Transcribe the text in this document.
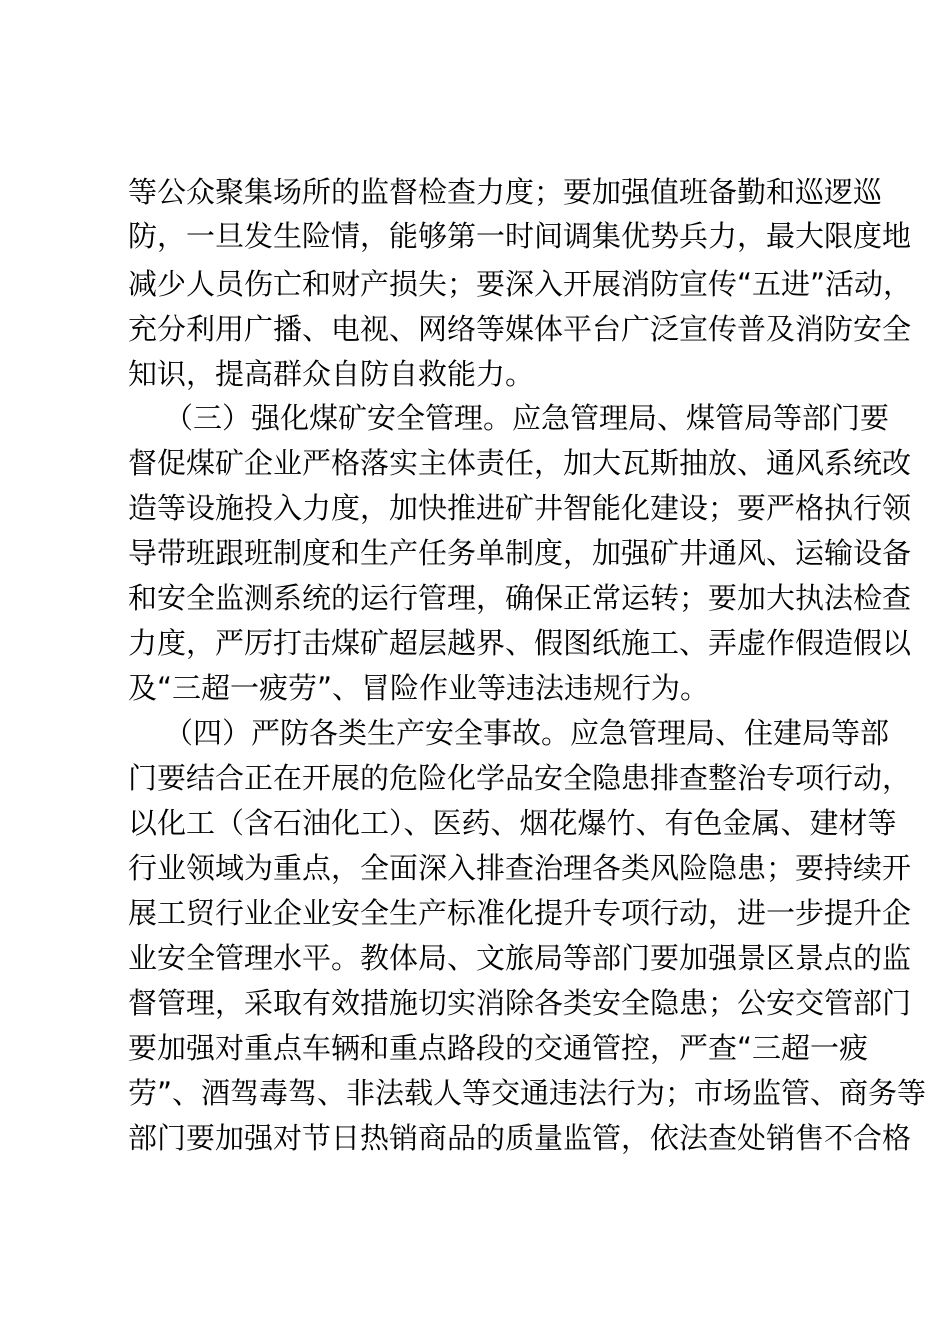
等公众聚集场所的监督检查力度；要加强值班备勤和巡逻巡
防，一旦发生险情，能够第一时间调集优势兵力，最大限度地
减少人员伤亡和财产损失；要深入开展消防宣传“五进”活动，
充分利用广播、电视、网络等媒体平台广泛宣传普及消防安全
知识，提高群众自防自救能力。
（三）强化煤矿安全管理。应急管理局、煤管局等部门要
督促煤矿企业严格落实主体责任，加大瓦斯抽放、通风系统改
造等设施投入力度，加快推进矿井智能化建设；要严格执行领
导带班跟班制度和生产任务单制度，加强矿井通风、运输设备
和安全监测系统的运行管理，确保正常运转；要加大执法检查
力度，严厉打击煤矿超层越界、假图纸施工、弄虚作假造假以
及“三超一疲劳”、冒险作业等违法违规行为。
（四）严防各类生产安全事故。应急管理局、住建局等部
门要结合正在开展的危险化学品安全隐患排查整治专项行动，
以化工（含石油化工）、医药、烟花爆竹、有色金属、建材等
行业领域为重点，全面深入排查治理各类风险隐患；要持续开
展工贸行业企业安全生产标准化提升专项行动，进一步提升企
业安全管理水平。教体局、文旅局等部门要加强景区景点的监
督管理，采取有效措施切实消除各类安全隐患；公安交管部门
要加强对重点车辆和重点路段的交通管控，严查“三超一疲
劳”、酒驾毒驾、非法载人等交通违法行为；市场监管、商务等
部门要加强对节日热销商品的质量监管，依法查处销售不合格
